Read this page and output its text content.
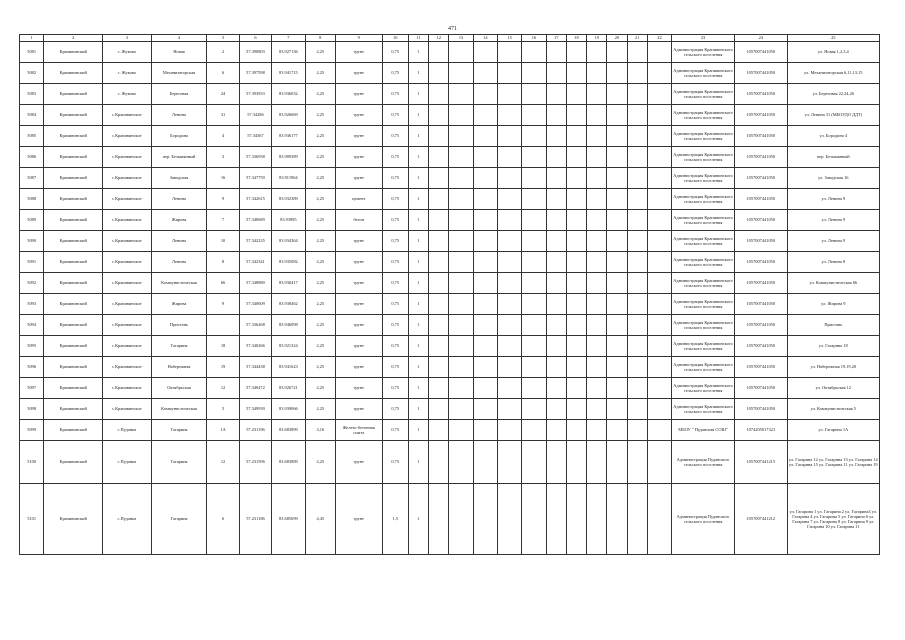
471
1	2	3	4	5	6	7	8	9	10	11	12	13	14	15	16	17	18	19	20	21	22	23	24	25
5081	Крапивинский	с. Жуково	Новая	2	57.390803	83.927136	2,25	грунт	0,75	1												Администрация Крапивинского сельского поселения	1057007441050	ул. Новая 1,2,3,4
5082	Крапивинский	с. Жуково	Механизаторская	6	57.397598	83.941715	2,25	грунт	0,75	1												Администрация Крапивинского сельского поселения	1057007441050	ул. Механизаторская 6,11,13,15
5083	Крапивинский	с. Жуково	Береговая	24	57.393933	83.936032	2,25	грунт	0,75	1												Администрация Крапивинского сельского поселения	1057007441050	ул. Береговая 22,24,26
5084	Крапивинский	с.Крапивинское	Ленина	31	57.34286	83.926669	2,25	грунт	0,75	1												Администрация Крапивинского сельского поселения	1057007441050	ул. Ленина 31 (МБОУДО ДДТ)
5085	Крапивинский	с.Крапивинское	Бородина	4	57.34367	83.936177	2,25	грунт	0,75	1												Администрация Крапивинского сельского поселения	1057007441050	ул. Бородина 4
5086	Крапивинский	с.Крапивинское	пер. Безымянный	3	57.336938	83.909389	2,25	грунт	0,75	1												Администрация Крапивинского сельского поселения	1057007441050	пер. Безымянный
5087	Крапивинский	с.Крапивинское	Заводская	16	57.347759	83.911964	2,25	грунт	0,75	1												Администрация Крапивинского сельского поселения	1057007441050	ул. Заводская 16
5088	Крапивинский	с.Крапивинское	Ленина	9	57.342615	83.932389	2,25	цемент	0,75	1												Администрация Крапивинского сельского поселения	1057007441050	ул. Ленина 9
5089	Крапивинский	с.Крапивинское	Жирова	7	57.340689	83.93985	2,25	бетон	0,75	1												Администрация Крапивинского сельского поселения	1057007441050	ул. Ленина 9
5090	Крапивинский	с.Крапивинское	Ленина	10	57.342235	83.934364	2,25	грунт	0,75	1												Администрация Крапивинского сельского поселения	1057007441050	ул. Ленина 9
5091	Крапивинский	с.Крапивинское	Ленина	8	57.342341	83.935082	2,25	грунт	0,75	1												Администрация Крапивинского сельского поселения	1057007441050	ул. Ленина 8
5092	Крапивинский	с.Крапивинское	Коммунистическая	66	57.348880	83.930417	2,25	грунт	0,75	1												Администрация Крапивинского сельского поселения	1057007441050	ул. Коммунистическая 66
5093	Крапивинский	с.Крапивинское	Жирова	9	57.340609	83.938462	2,25	грунт	0,75	1												Администрация Крапивинского сельского поселения	1057007441050	ул. Жирова 9
5094	Крапивинский	с.Крапивинское	Пристань		57.336268	83.946098	2,25	грунт	0,75	1												Администрация Крапивинского сельского поселения	1057007441050	Пристань
5095	Крапивинский	с.Крапивинское	Гагарина	18	57.340266	83.921324	2,25	грунт	0,75	1												Администрация Крапивинского сельского поселения	1057007441050	ул. Гагарина 18
5096	Крапивинский	с.Крапивинское	Набережная	19	57.344438	83.941623	2,25	грунт	0,75	1												Администрация Крапивинского сельского поселения	1057007441050	ул. Набережная 19,19,20
5097	Крапивинский	с.Крапивинское	Октябрьская	12	57.340472	83.926721	2,25	грунт	0,75	1												Администрация Крапивинского сельского поселения	1057007441050	ул. Октябрьская 12
5098	Крапивинский	с.Крапивинское	Коммунистическая	5	57.349939	83.939066	2,25	грунт	0,75	1												Администрация Крапивинского сельского поселения	1057007441050	ул. Коммунистическая 5
5099	Крапивинский	с.Пуданка	Гагарина	1А	57.231196	83.683899	3,16	Железо-бетонная плита	0,75	1												МБОУ " Пуданская СОШ"	1074205017323	ул. Гагарина 1А
5100	Крапивинский	с.Пуданка	Гагарина	12	57.231596	83.683889	2,25	грунт	0,75	1												Администрация Пуданского сельского поселения	1057007441215	ул. Гагарина 12 ул. Гагарина 13 ул. Гагарина 14 ул. Гагарина 15 ул. Гагарина 11 ул. Гагарина 19
5101	Крапивинский	с.Пуданка	Гагарина	6	57.231186	83.685699	4,45	грунт	1,5	1												Администрация Пуданского сельского поселения	1057007441212	ул. Гагарина 1 ул. Гагарина 2 ул. Гагарина3 ул. Гагарина 4 ул. Гагарина 5 ул. Гагарина 6 ул. Гагарина 7 ул. Гагарина 8 ул. Гагарина 9 ул. Гагарина 10 ул. Гагарина 11
